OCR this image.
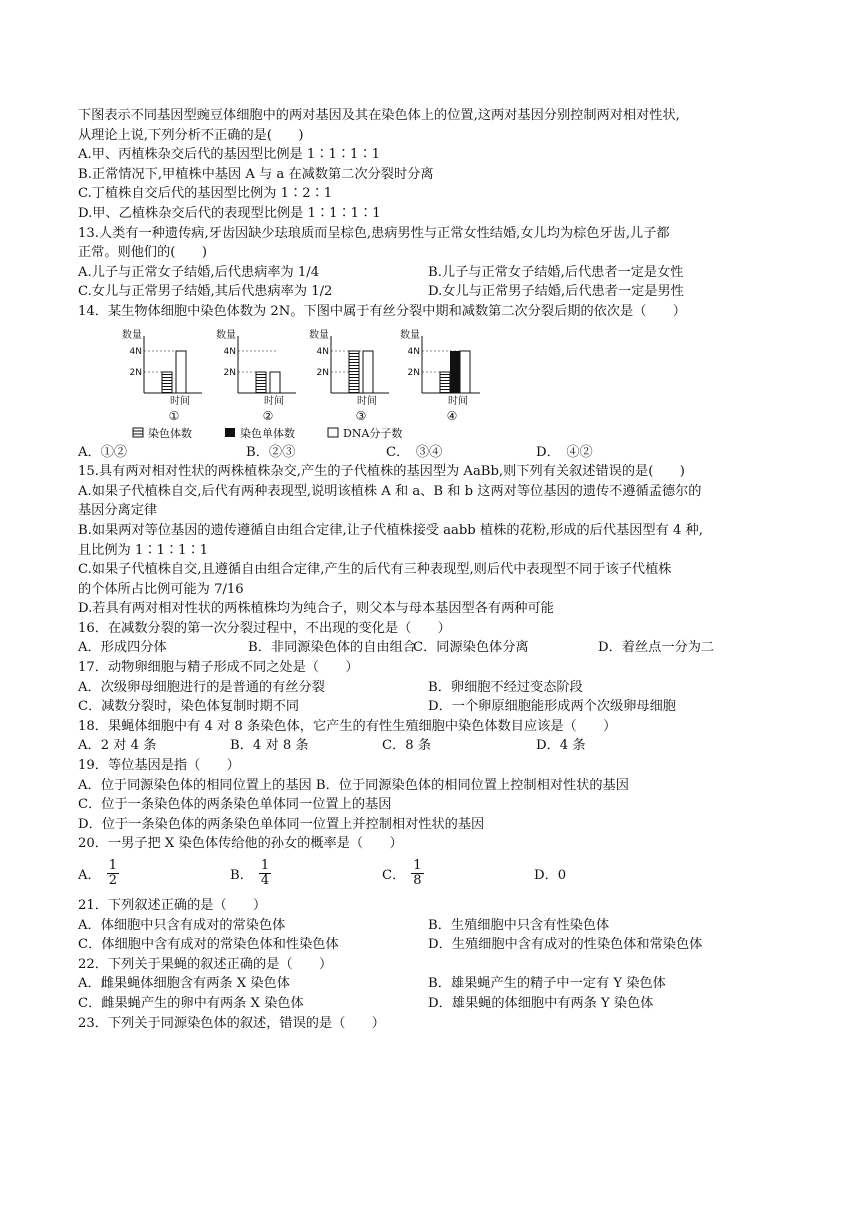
下图表示不同基因型豌豆体细胞中的两对基因及其在染色体上的位置,这两对基因分别控制两对相对性状,
从理论上说,下列分析不正确的是(　　)
A.甲、丙植株杂交后代的基因型比例是 1∶1∶1∶1
B.正常情况下,甲植株中基因 A 与 a 在减数第二次分裂时分离
C.丁植株自交后代的基因型比例为 1∶2∶1
D.甲、乙植株杂交后代的表现型比例是 1∶1∶1∶1
13.人类有一种遗传病,牙齿因缺少珐琅质而呈棕色,患病男性与正常女性结婚,女儿均为棕色牙齿,儿子都
正常。则他们的(　　)
A.儿子与正常女子结婚,后代患病率为 1/4	B.儿子与正常女子结婚,后代患者一定是女性
C.女儿与正常男子结婚,其后代患病率为 1/2	D.女儿与正常男子结婚,后代患者一定是男性
14．某生物体细胞中染色体数为 2N。下图中属于有丝分裂中期和减数第二次分裂后期的依次是（　　）
数量
4N
2N
时间
①
数量
4N
2N
时间
②
数量
4N
2N
时间
③
数量
4N
2N
时间
④
染色体数	染色单体数	DNA分子数
A．①②	B．②③	C．　③④	D．　④②
15.具有两对相对性状的两株植株杂交,产生的子代植株的基因型为 AaBb,则下列有关叙述错误的是(　　)
A.如果子代植株自交,后代有两种表现型,说明该植株 A 和 a、B 和 b 这两对等位基因的遗传不遵循孟德尔的
基因分离定律
B.如果两对等位基因的遗传遵循自由组合定律,让子代植株接受 aabb 植株的花粉,形成的后代基因型有 4 种,
且比例为 1∶1∶1∶1
C.如果子代植株自交,且遵循自由组合定律,产生的后代有三种表现型,则后代中表现型不同于该子代植株
的个体所占比例可能为 7/16
D.若具有两对相对性状的两株植株均为纯合子，则父本与母本基因型各有两种可能
16．在减数分裂的第一次分裂过程中，不出现的变化是（　　）
A．形成四分体	B．非同源染色体的自由组合
C．同源染色体分离	D．着丝点一分为二
17．动物卵细胞与精子形成不同之处是（　　）
A．次级卵母细胞进行的是普通的有丝分裂	B．卵细胞不经过变态阶段
C．减数分裂时，染色体复制时期不同	D．一个卵原细胞能形成两个次级卵母细胞
18．果蝇体细胞中有 4 对 8 条染色体，它产生的有性生殖细胞中染色体数目应该是（　　）
A．2 对 4 条	B．4 对 8 条	C．8 条	D．4 条
19．等位基因是指（　　）
A．位于同源染色体的相同位置上的基因 B．位于同源染色体的相同位置上控制相对性状的基因
C．位于一条染色体的两条染色单体同一位置上的基因
D．位于一条染色体的两条染色单体同一位置上并控制相对性状的基因
20．一男子把 X 染色体传给他的孙女的概率是（　　）
A． $\frac{1}{2}$	B． $\frac{1}{4}$	C． $\frac{1}{8}$	D．0
21．下列叙述正确的是（　　）
A．体细胞中只含有成对的常染色体	B．生殖细胞中只含有性染色体
C．体细胞中含有成对的常染色体和性染色体	D．生殖细胞中含有成对的性染色体和常染色体
22．下列关于果蝇的叙述正确的是（　　）
A．雌果蝇体细胞含有两条 X 染色体	B．雄果蝇产生的精子中一定有 Y 染色体
C．雌果蝇产生的卵中有两条 X 染色体	D．雄果蝇的体细胞中有两条 Y 染色体
23．下列关于同源染色体的叙述，错误的是（　　）
